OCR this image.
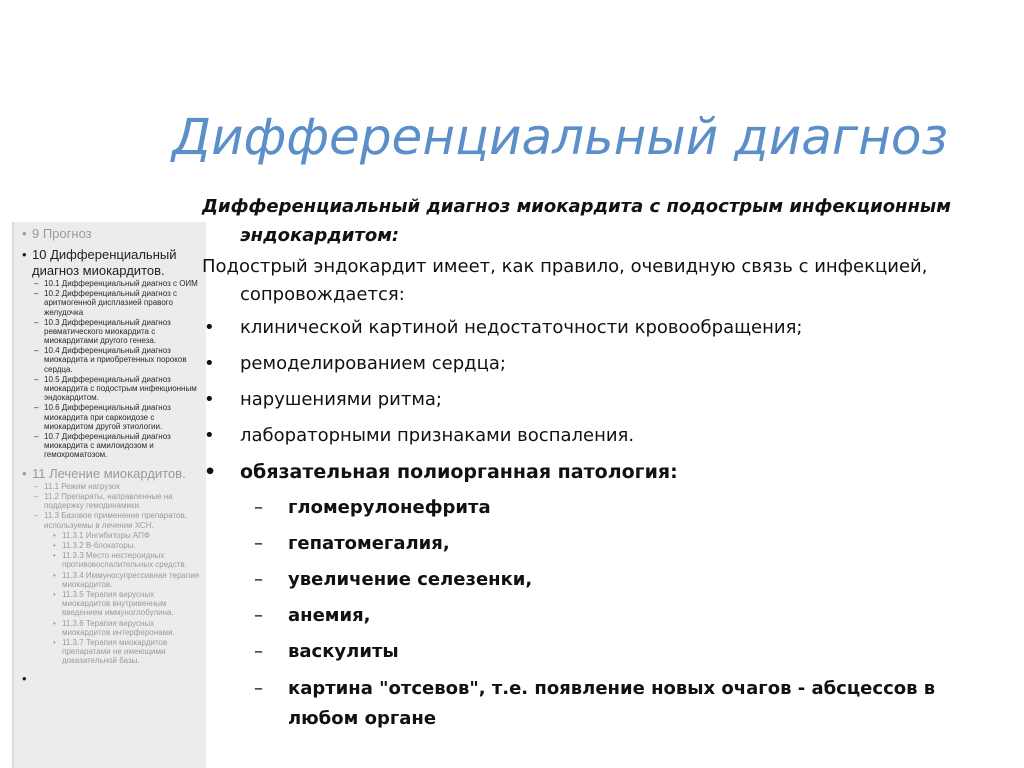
Дифференциальный диагноз
• 9 Прогноз
• 10 Дифференциальный диагноз миокардитов.
– 10.1 Дифференциальный диагноз с ОИМ
– 10.2 Дифференциальный диагноз с аритмогенной дисплазией правого желудочка
– 10.3 Дифференциальный диагноз ревматического миокардита с миокардитами другого генеза.
– 10.4 Дифференциальный диагноз миокардита и приобретенных пороков сердца.
– 10.5 Дифференциальный диагноз миокардита с подострым инфекционным эндокардитом.
– 10.6 Дифференциальный диагноз миокардита при саркоидозе с миокардитом другой этиологии.
– 10.7 Дифференциальный диагноз миокардита с амилоидозом и гемохроматозом.
• 11 Лечение миокардитов.
– 11.1 Режим нагрузок
– 11.2 Препараты, направленные на поддержку гемодинамики.
– 11.3 Базовое применение препаратов, используемы в лечении ХСН.
• 11.3.1 Ингибиторы АПФ
• 11.3.2 В-блокаторы.
• 11.3.3 Место нестероидных противовоспалительных средств.
• 11.3.4 Иммуносупрессивная терапия миокардитов.
• 11.3.5 Терапия вирусных миокардитов внутривенным введением иммуноглобулина.
• 11.3.6 Терапия вирусных миокардитов интерферонами.
• 11.3.7 Терапия миокардитов препаратами не имеющими доказательной базы.
•
Дифференциальный диагноз миокардита с подострым инфекционным эндокардитом:
Подострый эндокардит имеет, как правило, очевидную связь с инфекцией, сопровождается:
• клинической картиной недостаточности кровообращения;
• ремоделированием сердца;
• нарушениями ритма;
• лабораторными признаками воспаления.
• обязательная полиорганная патология:
– гломерулонефрита
– гепатомегалия,
– увеличение селезенки,
– анемия,
– васкулиты
– картина "отсевов", т.е. появление новых очагов - абсцессов в любом органе
